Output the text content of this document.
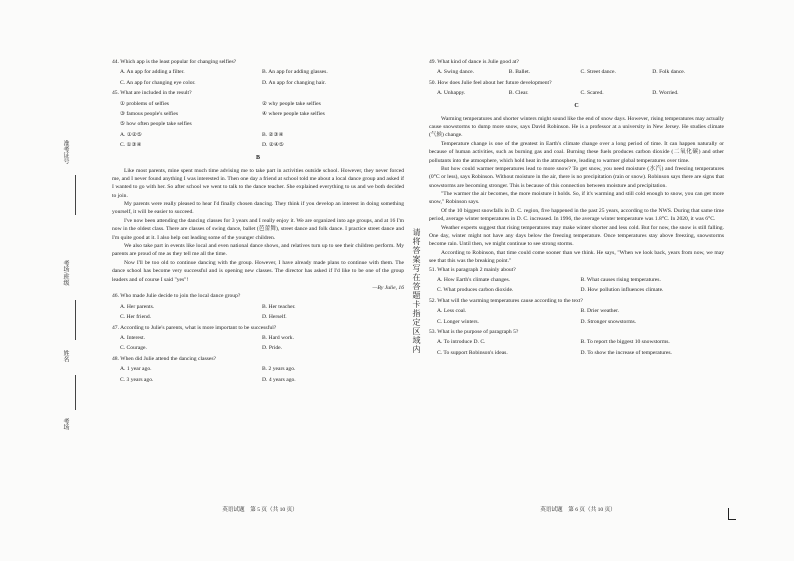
准考证号
考场/班级
姓名
考场

44. Which app is the least popular for changing selfies?

A. An app for adding a filter.	B. An app for adding glasses.
C. An app for changing eye color.	D. An app for changing hair.

45. What are included in the result?

① problems of selfies	② why people take selfies
③ famous people's selfies	④ where people take selfies
⑤ how often people take selfies
A. ①②⑤	B. ②③④
C. ①③④	D. ②④⑤
B

Like most parents, mine spent much time advising me to take part in activities outside school. However, they never forced me, and I never found anything I was interested in. Then one day a friend at school told me about a local dance group and asked if I wanted to go with her. So after school we went to talk to the dance teacher. She explained everything to us and we both decided to join.

My parents were really pleased to hear I'd finally chosen dancing. They think if you develop an interest in doing something yourself, it will be easier to succeed.

I've now been attending the dancing classes for 3 years and I really enjoy it. We are organized into age groups, and at 16 I'm now in the oldest class. There are classes of swing dance, ballet (芭蕾舞), street dance and folk dance. I practice street dance and I'm quite good at it. I also help out leading some of the younger children.

We also take part in events like local and even national dance shows, and relatives turn up to see their children perform. My parents are proud of me as they tell me all the time.

Now I'll be too old to continue dancing with the group. However, I have already made plans to continue with them. The dance school has become very successful and is opening new classes. The director has asked if I'd like to be one of the group leaders and of course I said "yes"!

—By Julie, 16

46. Who made Julie decide to join the local dance group?

A. Her parents.	B. Her teacher.
C. Her friend.	D. Herself.

47. According to Julie's parents, what is more important to be successful?

A. Interest.	B. Hard work.
C. Courage.	D. Pride.

48. When did Julie attend the dancing classes?

A. 1 year ago.	B. 2 years ago.
C. 3 years ago.	D. 4 years ago.
英语试题　第 5 页（共 10 页）
请将答案写在答题卡指定区域内

49. What kind of dance is Julie good at?

A. Swing dance.	B. Ballet.	C. Street dance.	D. Folk dance.

50. How does Julie feel about her future development?

A. Unhappy.	B. Clear.	C. Scared.	D. Worried.
C

Warming temperatures and shorter winters might sound like the end of snow days. However, rising temperatures may actually cause snowstorms to dump more snow, says David Robinson. He is a professor at a university in New Jersey. He studies climate (气候) change.

Temperature change is one of the greatest in Earth's climate change over a long period of time. It can happen naturally or because of human activities, such as burning gas and coal. Burning these fuels produces carbon dioxide (二氧化碳) and other pollutants into the atmosphere, which hold heat in the atmosphere, leading to warmer global temperatures over time.

But how could warmer temperatures lead to more snow? To get snow, you need moisture (水汽) and freezing temperatures (0°C or less), says Robinson. Without moisture in the air, there is no precipitation (rain or snow). Robinson says there are signs that snowstorms are becoming stronger. This is because of this connection between moisture and precipitation.

"The warmer the air becomes, the more moisture it holds. So, if it's warming and still cold enough to snow, you can get more snow," Robinson says.

Of the 10 biggest snowfalls in D. C. region, five happened in the past 25 years, according to the NWS. During that same time period, average winter temperatures in D. C. increased. In 1996, the average winter temperature was 1.8°C. In 2020, it was 6°C.

Weather experts suggest that rising temperatures may make winter shorter and less cold. But for now, the snow is still falling. One day, winter might not have any days below the freezing temperature. Once temperatures stay above freezing, snowstorms become rain. Until then, we might continue to see strong storms.

According to Robinson, that time could come sooner than we think. He says, "When we look back, years from now, we may see that this was the breaking point."

51. What is paragraph 2 mainly about?

A. How Earth's climate changes.	B. What causes rising temperatures.
C. What produces carbon dioxide.	D. How pollution influences climate.

52. What will the warming temperatures cause according to the text?

A. Less coal.	B. Drier weather.
C. Longer winters.	D. Stronger snowstorms.

53. What is the purpose of paragraph 5?

A. To introduce D. C.	B. To report the biggest 10 snowstorms.
C. To support Robinson's ideas.	D. To show the increase of temperatures.
英语试题　第 6 页（共 10 页）
